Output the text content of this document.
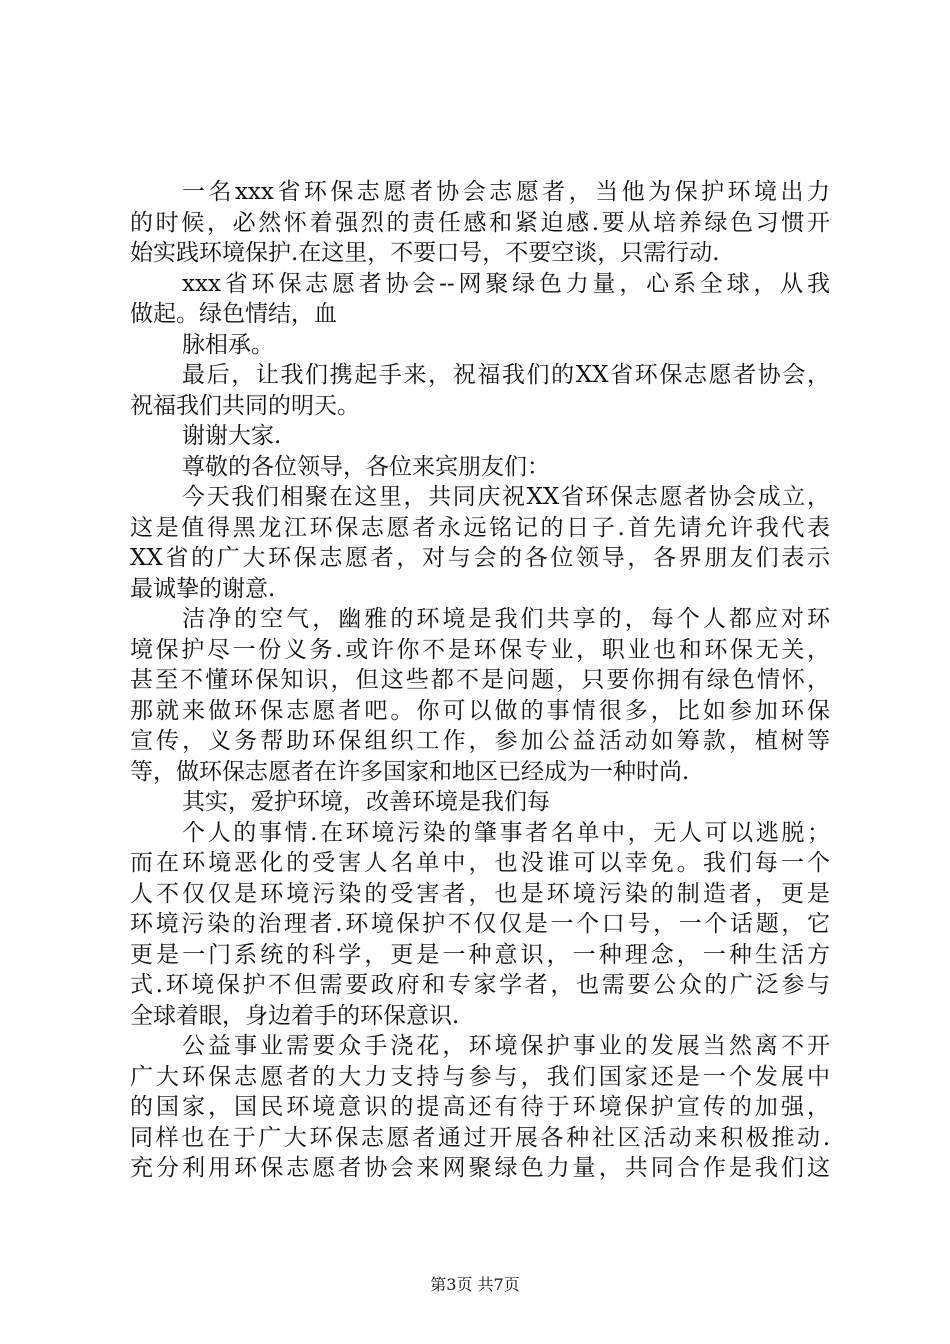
一名xxx省环保志愿者协会志愿者，当他为保护环境出力
的时候，必然怀着强烈的责任感和紧迫感.要从培养绿色习惯开
始实践环境保护.在这里，不要口号，不要空谈，只需行动.
xxx省环保志愿者协会--网聚绿色力量，心系全球，从我
做起。绿色情结，血
脉相承。
最后，让我们携起手来，祝福我们的XX省环保志愿者协会，
祝福我们共同的明天。
谢谢大家.
尊敬的各位领导，各位来宾朋友们：
今天我们相聚在这里，共同庆祝XX省环保志愿者协会成立，
这是值得黑龙江环保志愿者永远铭记的日子.首先请允许我代表
XX省的广大环保志愿者，对与会的各位领导，各界朋友们表示
最诚挚的谢意.
洁净的空气，幽雅的环境是我们共享的，每个人都应对环
境保护尽一份义务.或许你不是环保专业，职业也和环保无关，
甚至不懂环保知识，但这些都不是问题，只要你拥有绿色情怀，
那就来做环保志愿者吧。你可以做的事情很多，比如参加环保
宣传，义务帮助环保组织工作，参加公益活动如筹款，植树等
等，做环保志愿者在许多国家和地区已经成为一种时尚.
其实，爱护环境，改善环境是我们每
个人的事情.在环境污染的肇事者名单中，无人可以逃脱；
而在环境恶化的受害人名单中，也没谁可以幸免。我们每一个
人不仅仅是环境污染的受害者，也是环境污染的制造者，更是
环境污染的治理者.环境保护不仅仅是一个口号，一个话题，它
更是一门系统的科学，更是一种意识，一种理念，一种生活方
式.环境保护不但需要政府和专家学者，也需要公众的广泛参与
全球着眼，身边着手的环保意识.
公益事业需要众手浇花，环境保护事业的发展当然离不开
广大环保志愿者的大力支持与参与，我们国家还是一个发展中
的国家，国民环境意识的提高还有待于环境保护宣传的加强，
同样也在于广大环保志愿者通过开展各种社区活动来积极推动.
充分利用环保志愿者协会来网聚绿色力量，共同合作是我们这
第3页 共7页
